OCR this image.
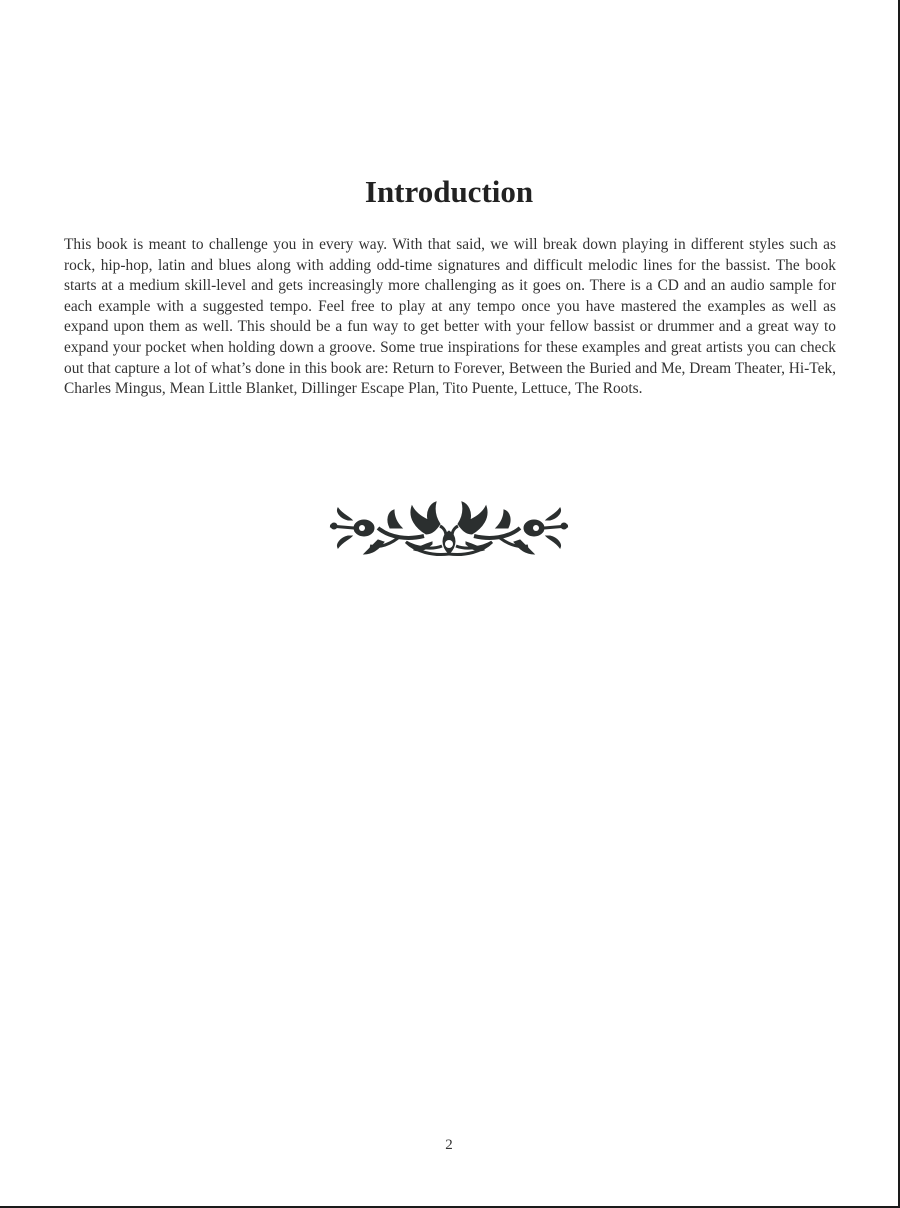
Introduction

This book is meant to challenge you in every way. With that said, we will break down playing in different styles such as rock, hip-hop, latin and blues along with adding odd-time signatures and difficult melodic lines for the bassist. The book starts at a medium skill-level and gets increasingly more challenging as it goes on. There is a CD and an audio sample for each example with a suggested tempo. Feel free to play at any tempo once you have mastered the examples as well as expand upon them as well. This should be a fun way to get better with your fellow bassist or drummer and a great way to expand your pocket when holding down a groove. Some true inspirations for these examples and great artists you can check out that capture a lot of what’s done in this book are: Return to Forever, Between the Buried and Me, Dream Theater, Hi-Tek, Charles Mingus, Mean Little Blanket, Dillinger Escape Plan, Tito Puente, Lettuce, The Roots.

2
